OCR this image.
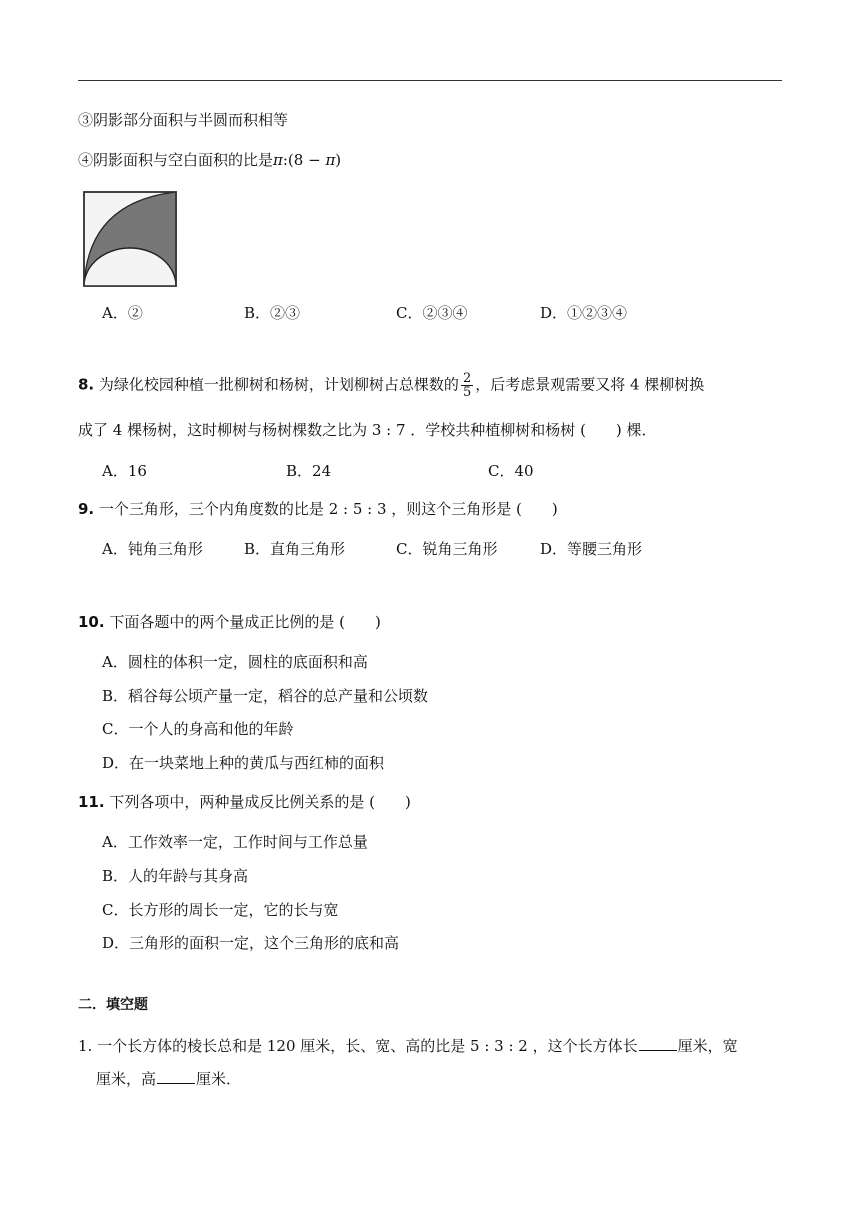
③阴影部分面积与半圆而积相等
④阴影面积与空白面积的比是π:(8 − π)
A．②	B．②③	C．②③④	D．①②③④
8. 为绿化校园种植一批柳树和杨树，计划柳树占总棵数的 $\frac{2}{5}$ ，后考虑景观需要又将 4 棵柳树换
成了 4 棵杨树，这时柳树与杨树棵数之比为 3 : 7 ．学校共种植柳树和杨树 (　　) 棵．
A．16	B．24	C．40
9. 一个三角形，三个内角度数的比是 2 : 5 : 3 ，则这个三角形是 (　　)
A．钝角三角形	B．直角三角形	C．锐角三角形	D．等腰三角形
10. 下面各题中的两个量成正比例的是 (　　)
A．圆柱的体积一定，圆柱的底面积和高
B．稻谷每公顷产量一定，稻谷的总产量和公顷数
C．一个人的身高和他的年龄
D．在一块菜地上种的黄瓜与西红柿的面积
11. 下列各项中，两种量成反比例关系的是 (　　)
A．工作效率一定，工作时间与工作总量
B．人的年龄与其身高
C．长方形的周长一定，它的长与宽
D．三角形的面积一定，这个三角形的底和高
二．填空题
1. 一个长方体的棱长总和是 120 厘米，长、宽、高的比是 5 : 3 : 2 ，这个长方体长	厘米，宽
厘米，高	厘米．
